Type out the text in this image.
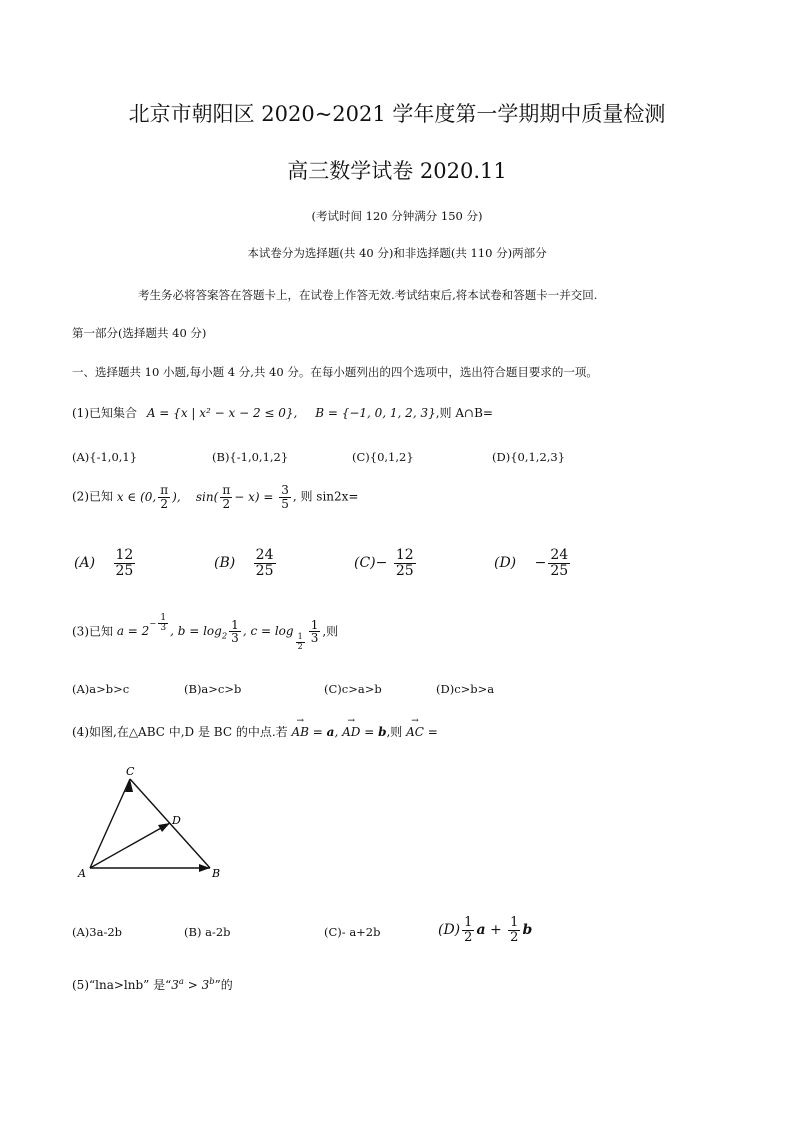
北京市朝阳区 2020~2021 学年度第一学期期中质量检测
高三数学试卷 2020.11
(考试时间 120 分钟满分 150 分)
本试卷分为选择题(共 40 分)和非选择题(共 110 分)两部分
考生务必将答案答在答题卡上，在试卷上作答无效.考试结束后,将本试卷和答题卡一并交回.
第一部分(选择题共 40 分)
一、选择题共 10 小题,每小题 4 分,共 40 分。在每小题列出的四个选项中，选出符合题目要求的一项。
(1)已知集合 A = {x | x² − x − 2 ≤ 0}, B = {−1, 0, 1, 2, 3},则 A∩B=
(A){-1,0,1}	(B){-1,0,1,2}	(C){0,1,2}	(D){0,1,2,3}
(2)已知 x ∈ (0, $\frac{\pi}{2}$ ),    $\sin( \frac{\pi}{2} - x) = \frac{3}{5}$ , 则 sin2x=
$(A) \frac{12}{25}$	$(B) \frac{24}{25}$	$(C)- \frac{12}{25}$	$(D) - \frac{24}{25}$
(3)已知 $a = 2^{- \frac{1}{3}}$ , $b = \log_2 \frac{1}{3}$ , c = log
$_{\frac{1}{2}} \frac{1}{3}$ ,则
(A)a>b>c	(B)a>c>b	(C)c>a>b	(D)c>b>a
(4)如图,在△ABC 中,D 是 BC 的中点.若 → AB = a, → AD = b,则 → AC =
C
D
A	B
(A)3a-2b	(B) a-2b	(C)- a+2b	$(D) \frac{1}{2}$ $a + \frac{1}{2}$ b
(5)“lna>lnb” 是“$3^a > 3^b$”的
